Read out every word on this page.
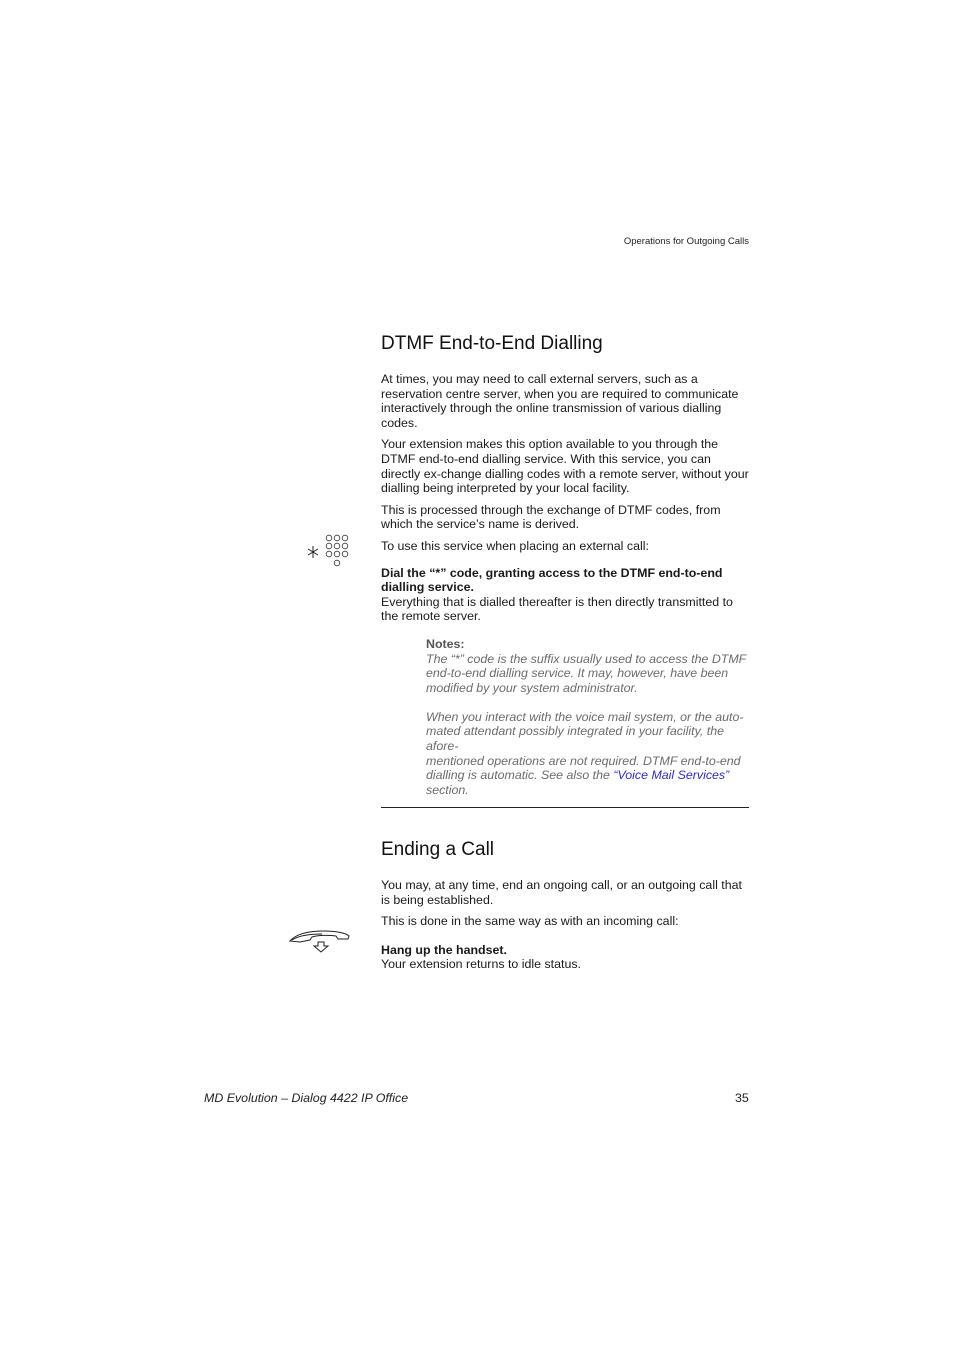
Operations for Outgoing Calls
DTMF End-to-End Dialling

At times, you may need to call external servers, such as a reservation centre server, when you are required to communicate interactively through the online transmission of various dialling codes.

Your extension makes this option available to you through the DTMF end-to-end dialling service. With this service, you can directly ex-change dialling codes with a remote server, without your dialling being interpreted by your local facility.

This is processed through the exchange of DTMF codes, from which the service’s name is derived.

To use this service when placing an external call:

Dial the “*” code, granting access to the DTMF end-to-end dialling service.

Everything that is dialled thereafter is then directly transmitted to the remote server.

Notes:

The “*” code is the suffix usually used to access the DTMF end-to-end dialling service. It may, however, have been modified by your system administrator.

When you interact with the voice mail system, or the auto-mated attendant possibly integrated in your facility, the afore-

mentioned operations are not required. DTMF end-to-end dialling is automatic. See also the “Voice Mail Services” section.

Ending a Call

You may, at any time, end an ongoing call, or an outgoing call that is being established.

This is done in the same way as with an incoming call:

Hang up the handset.

Your extension returns to idle status.

MD Evolution – Dialog 4422 IP Office	35
